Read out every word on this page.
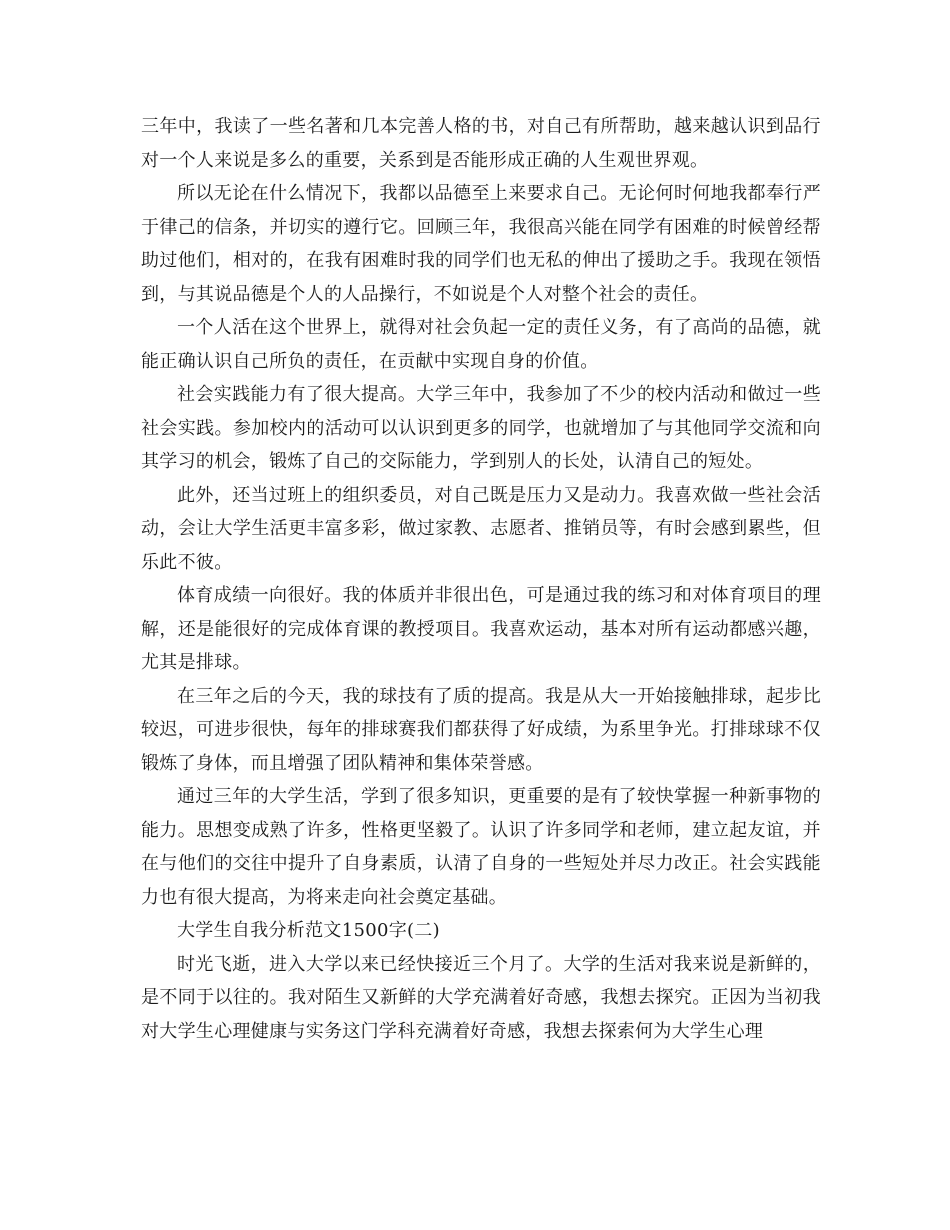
三年中，我读了一些名著和几本完善人格的书，对自己有所帮助，越来越认识到品行对一个人来说是多么的重要，关系到是否能形成正确的人生观世界观。

所以无论在什么情况下，我都以品德至上来要求自己。无论何时何地我都奉行严于律己的信条，并切实的遵行它。回顾三年，我很高兴能在同学有困难的时候曾经帮助过他们，相对的，在我有困难时我的同学们也无私的伸出了援助之手。我现在领悟到，与其说品德是个人的人品操行，不如说是个人对整个社会的责任。

一个人活在这个世界上，就得对社会负起一定的责任义务，有了高尚的品德，就能正确认识自己所负的责任，在贡献中实现自身的价值。

社会实践能力有了很大提高。大学三年中，我参加了不少的校内活动和做过一些社会实践。参加校内的活动可以认识到更多的同学，也就增加了与其他同学交流和向其学习的机会，锻炼了自己的交际能力，学到别人的长处，认清自己的短处。

此外，还当过班上的组织委员，对自己既是压力又是动力。我喜欢做一些社会活动，会让大学生活更丰富多彩，做过家教、志愿者、推销员等，有时会感到累些，但乐此不彼。

体育成绩一向很好。我的体质并非很出色，可是通过我的练习和对体育项目的理解，还是能很好的完成体育课的教授项目。我喜欢运动，基本对所有运动都感兴趣，尤其是排球。

在三年之后的今天，我的球技有了质的提高。我是从大一开始接触排球，起步比较迟，可进步很快，每年的排球赛我们都获得了好成绩，为系里争光。打排球球不仅锻炼了身体，而且增强了团队精神和集体荣誉感。

通过三年的大学生活，学到了很多知识，更重要的是有了较快掌握一种新事物的能力。思想变成熟了许多，性格更坚毅了。认识了许多同学和老师，建立起友谊，并在与他们的交往中提升了自身素质，认清了自身的一些短处并尽力改正。社会实践能力也有很大提高，为将来走向社会奠定基础。

大学生自我分析范文1500字(二)

时光飞逝，进入大学以来已经快接近三个月了。大学的生活对我来说是新鲜的，是不同于以往的。我对陌生又新鲜的大学充满着好奇感，我想去探究。正因为当初我对大学生心理健康与实务这门学科充满着好奇感，我想去探索何为大学生心理
